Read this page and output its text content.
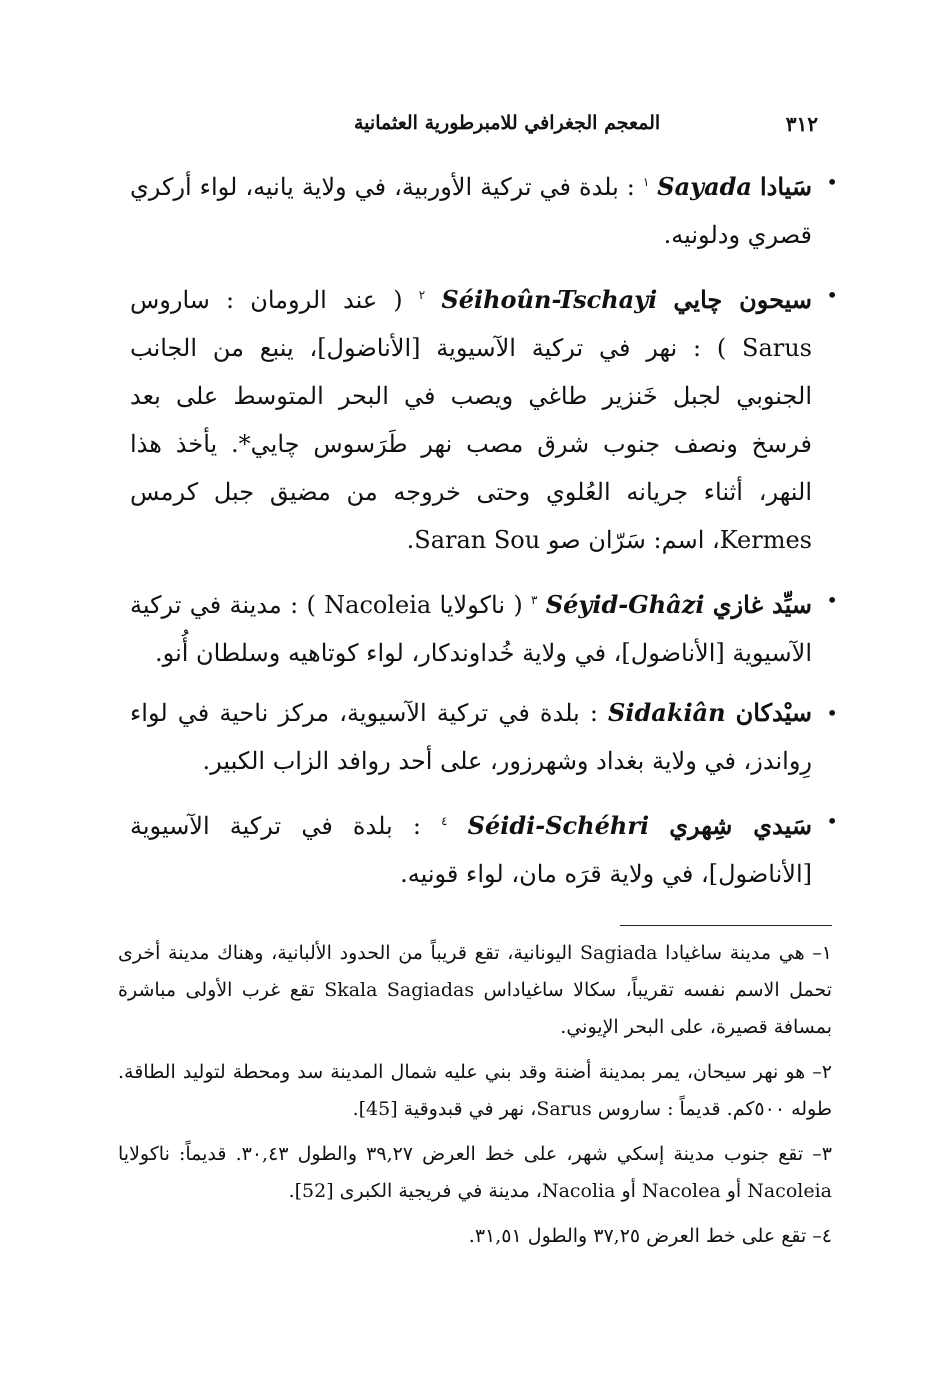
٣١٢
المعجم الجغرافي للامبرطورية العثمانية

•
سَيادا Sayada $^١$ : بلدة في تركية الأوربية، في ولاية يانيه، لواء أركري قصري ودلونيه.

•
سيحون چايي Séihoûn-Tschayi $^٢$ ( عند الرومان : ساروس Sarus ) : نهر في تركية الآسيوية [الأناضول]، ينبع من الجانب الجنوبي لجبل خَنزير طاغي ويصب في البحر المتوسط على بعد فرسخ ونصف جنوب شرق مصب نهر طَرَسوس چايي*. يأخذ هذا النهر، أثناء جريانه العُلوي وحتى خروجه من مضيق جبل كرمس Kermes، اسم: سَرّان صو Saran Sou.

•
سيِّد غازي Séyid-Ghâzi $^٣$ ( ناكولايا Nacoleia ) : مدينة في تركية الآسيوية [الأناضول]، في ولاية خُداوندكار، لواء كوتاهيه وسلطان أُنو.

•
سيْدكان Sidakiân : بلدة في تركية الآسيوية، مركز ناحية في لواء رِواندز، في ولاية بغداد وشهرزور، على أحد روافد الزاب الكبير.

•
سَيدي شِهري Séidi-Schéhri $^٤$ : بلدة في تركية الآسيوية [الأناضول]، في ولاية قرَه مان، لواء قونيه.

١– هي مدينة ساغيادا Sagiada اليونانية، تقع قريباً من الحدود الألبانية، وهناك مدينة أخرى تحمل الاسم نفسه تقريباً، سكالا ساغياداس Skala Sagiadas تقع غرب الأولى مباشرة بمسافة قصيرة، على البحر الإيوني.

٢– هو نهر سيحان، يمر بمدينة أضنة وقد بني عليه شمال المدينة سد ومحطة لتوليد الطاقة. طوله ٥٠٠كم. قديماً : ساروس Sarus، نهر في قبدوقية [45].

٣– تقع جنوب مدينة إسكي شهر، على خط العرض ٣٩,٢٧ والطول ٣٠,٤٣. قديماً: ناكولايا Nacoleia أو Nacolea أو Nacolia، مدينة في فريجية الكبرى [52].

٤– تقع على خط العرض ٣٧,٢٥ والطول ٣١,٥١.
